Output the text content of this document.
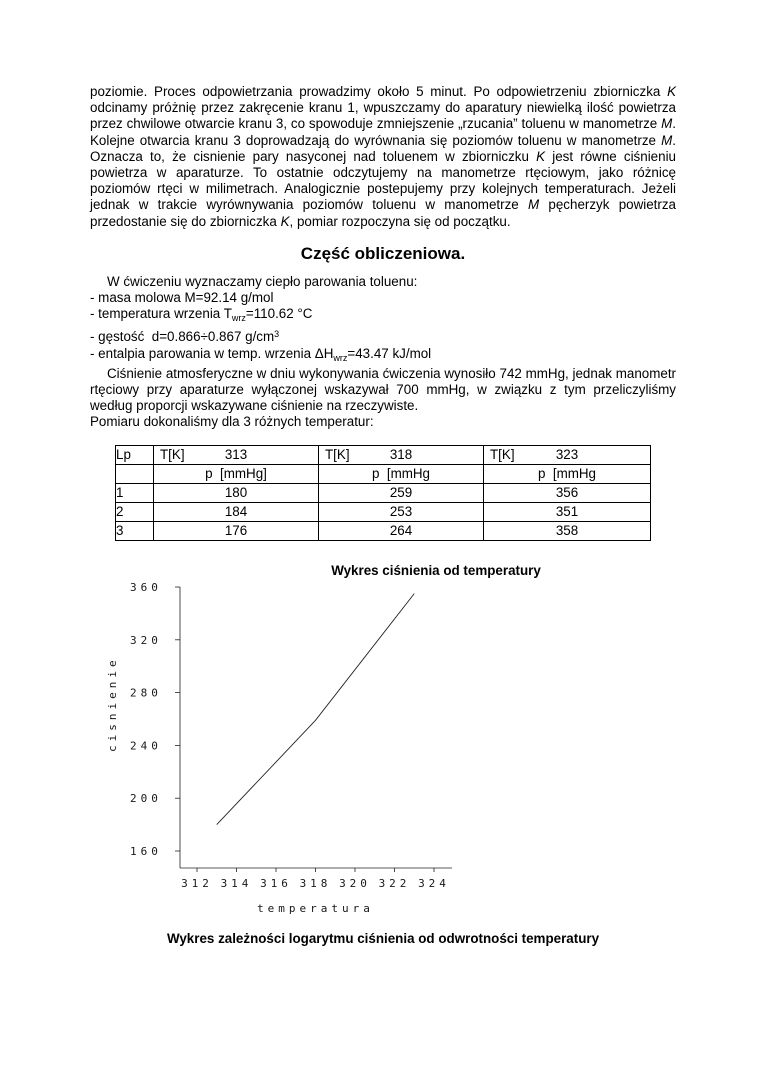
poziomie. Proces odpowietrzania prowadzimy około 5 minut. Po odpowietrzeniu zbiorniczka K odcinamy próżnię przez zakręcenie kranu 1, wpuszczamy do aparatury niewielką ilość powietrza przez chwilowe otwarcie kranu 3, co spowoduje zmniejszenie „rzucania” toluenu w manometrze M. Kolejne otwarcia kranu 3 doprowadzają do wyrównania się poziomów toluenu w manometrze M. Oznacza to, że cisnienie pary nasyconej nad toluenem w zbiorniczku K jest równe ciśnieniu powietrza w aparaturze. To ostatnie odczytujemy na manometrze rtęciowym, jako różnicę poziomów rtęci w milimetrach. Analogicznie postepujemy przy kolejnych temperaturach. Jeżeli jednak w trakcie wyrównywania poziomów toluenu w manometrze M pęcherzyk powietrza przedostanie się do zbiorniczka K, pomiar rozpoczyna się od początku.

Część obliczeniowa.

W ćwiczeniu wyznaczamy ciepło parowania toluenu:

- masa molowa M=92.14 g/mol

- temperatura wrzenia $T_{wrz}=110.62$ °C

- gęstość  d=0.866÷0.867 $g/cm^3$

- entalpia parowania w temp. wrzenia $\Delta H_{wrz}=43.47$ kJ/mol

Ciśnienie atmosferyczne w dniu wykonywania ćwiczenia wynosiło 742 mmHg, jednak manometr rtęciowy przy aparaturze wyłączonej wskazywał 700 mmHg, w związku z tym przeliczyliśmy według proporcji wskazywane ciśnienie na rzeczywiste.

Pomiaru dokonaliśmy dla 3 różnych temperatur:

Lp	T[K] 313	T[K] 318	T[K] 323
	p  [mmHg]	p  [mmHg	p  [mmHg
1	180	259	356
2	184	253	351
3	176	264	358

Wykres ciśnienia od temperatury

160
200
240
280
320
360
312 314 316 318 320 322 324
cisnienie
temperatura

Wykres zależności logarytmu ciśnienia od odwrotności temperatury
